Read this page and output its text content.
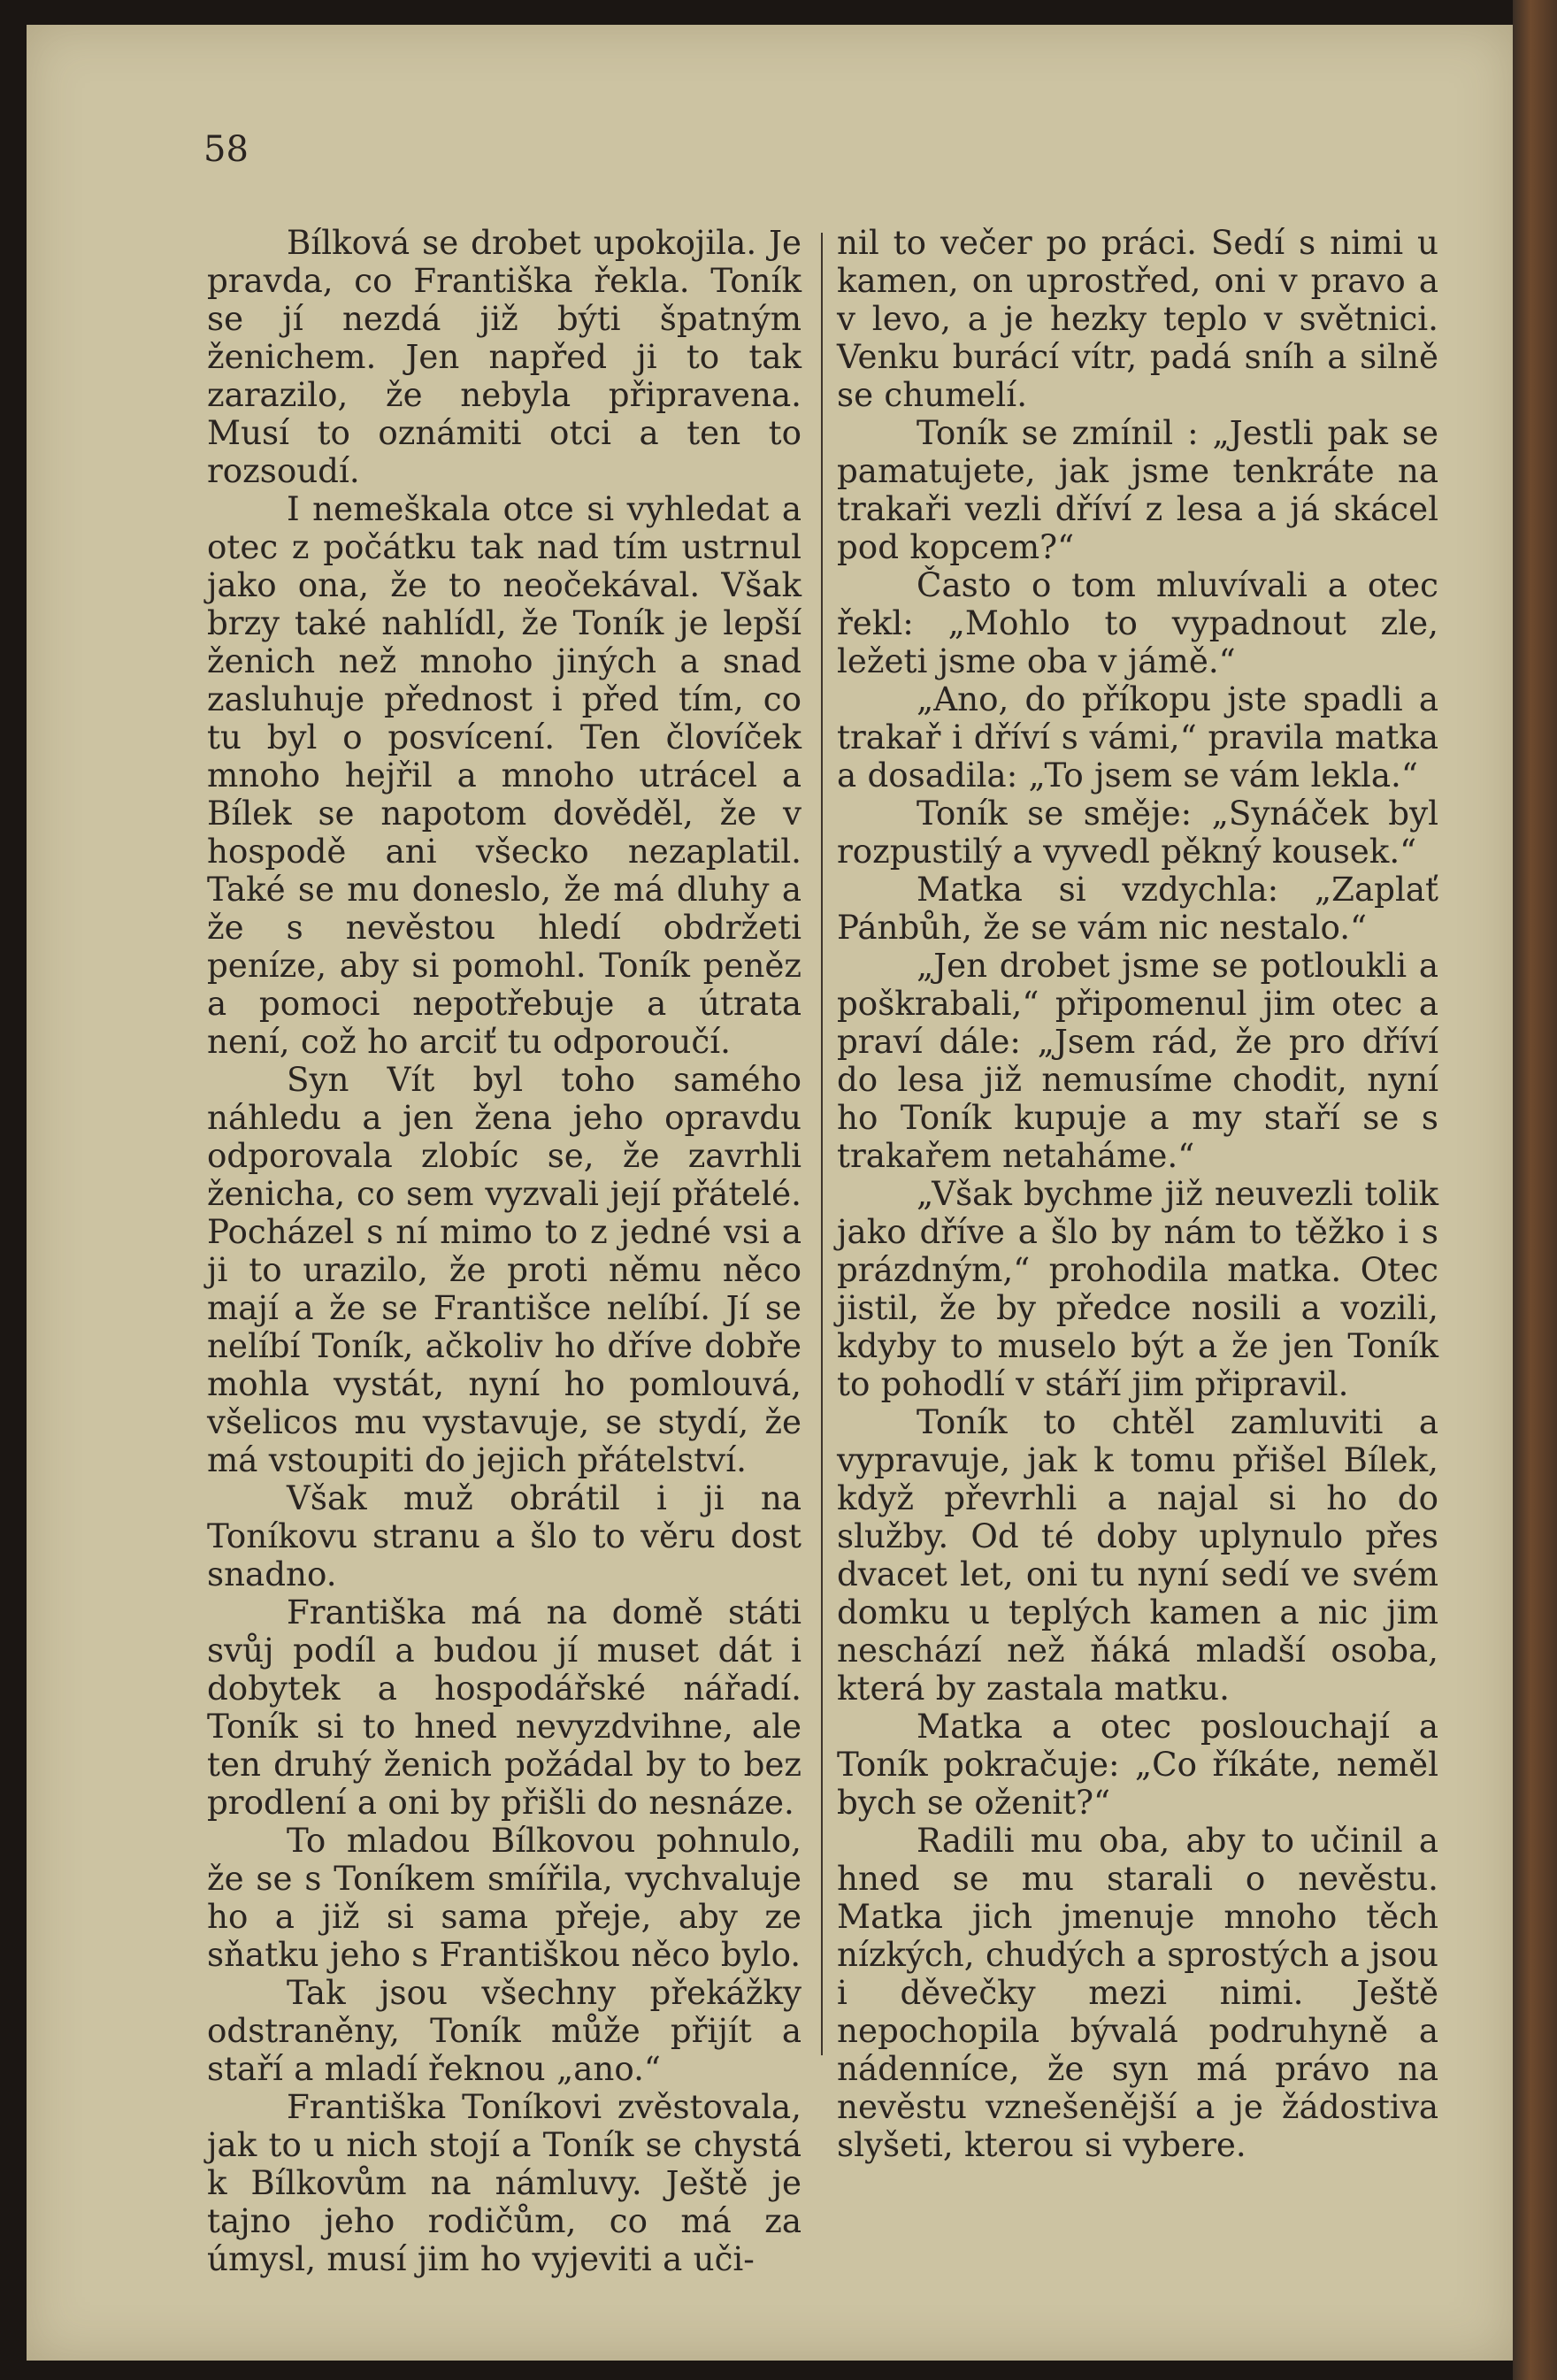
58

Bílková se drobet upokojila. Je pravda, co Františka řekla. Toník se jí nezdá již býti špatným ženichem. Jen napřed ji to tak zarazilo, že nebyla připravena. Musí to oznámiti otci a ten to rozsoudí.

I nemeškala otce si vyhledat a otec z počátku tak nad tím ustrnul jako ona, že to neočekával. Však brzy také nahlídl, že Toník je lepší ženich než mnoho jiných a snad zasluhuje přednost i před tím, co tu byl o posvícení. Ten človíček mnoho hejřil a mnoho utrácel a Bílek se napotom dověděl, že v hospodě ani všecko nezaplatil. Také se mu doneslo, že má dluhy a že s nevěstou hledí obdržeti peníze, aby si pomohl. Toník peněz a pomoci nepotřebuje a útrata není, což ho arciť tu odporoučí.

Syn Vít byl toho samého náhledu a jen žena jeho opravdu odporovala zlobíc se, že zavrhli ženicha, co sem vyzvali její přátelé. Pocházel s ní mimo to z jedné vsi a ji to urazilo, že proti němu něco mají a že se Františce nelíbí. Jí se nelíbí Toník, ačkoliv ho dříve dobře mohla vystát, nyní ho pomlouvá, všelicos mu vystavuje, se stydí, že má vstoupiti do jejich přátelství.

Však muž obrátil i ji na Toníkovu stranu a šlo to věru dost snadno.

Františka má na domě státi svůj podíl a budou jí muset dát i dobytek a hospodářské nářadí. Toník si to hned nevyzdvihne, ale ten druhý ženich požádal by to bez prodlení a oni by přišli do nesnáze.

To mladou Bílkovou pohnulo, že se s Toníkem smířila, vychvaluje ho a již si sama přeje, aby ze sňatku jeho s Františkou něco bylo.

Tak jsou všechny překážky odstraněny, Toník může přijít a staří a mladí řeknou „ano.“

Františka Toníkovi zvěstovala, jak to u nich stojí a Toník se chystá k Bílkovům na námluvy. Ještě je tajno jeho rodičům, co má za úmysl, musí jim ho vyjeviti a uči-

nil to večer po práci. Sedí s nimi u kamen, on uprostřed, oni v pravo a v levo, a je hezky teplo v světnici. Venku burácí vítr, padá sníh a silně se chumelí.

Toník se zmínil : „Jestli pak se pamatujete, jak jsme tenkráte na trakaři vezli dříví z lesa a já skácel pod kopcem?“

Často o tom mluvívali a otec řekl: „Mohlo to vypadnout zle, ležeti jsme oba v jámě.“

„Ano, do příkopu jste spadli a trakař i dříví s vámi,“ pravila matka a dosadila: „To jsem se vám lekla.“

Toník se směje: „Synáček byl rozpustilý a vyvedl pěkný kousek.“

Matka si vzdychla: „Zaplať Pánbůh, že se vám nic nestalo.“

„Jen drobet jsme se potloukli a poškrabali,“ připomenul jim otec a praví dále: „Jsem rád, že pro dříví do lesa již nemusíme chodit, nyní ho Toník kupuje a my staří se s trakařem netaháme.“

„Však bychme již neuvezli tolik jako dříve a šlo by nám to těžko i s prázdným,“ prohodila matka. Otec jistil, že by předce nosili a vozili, kdyby to muselo být a že jen Toník to pohodlí v stáří jim připravil.

Toník to chtěl zamluviti a vypravuje, jak k tomu přišel Bílek, když převrhli a najal si ho do služby. Od té doby uplynulo přes dvacet let, oni tu nyní sedí ve svém domku u teplých kamen a nic jim neschází než ňáká mladší osoba, která by zastala matku.

Matka a otec poslouchají a Toník pokračuje: „Co říkáte, neměl bych se oženit?“

Radili mu oba, aby to učinil a hned se mu starali o nevěstu. Matka jich jmenuje mnoho těch nízkých, chudých a sprostých a jsou i děvečky mezi nimi. Ještě nepochopila bývalá podruhyně a nádenníce, že syn má právo na nevěstu vznešenější a je žádostiva slyšeti, kterou si vybere.
